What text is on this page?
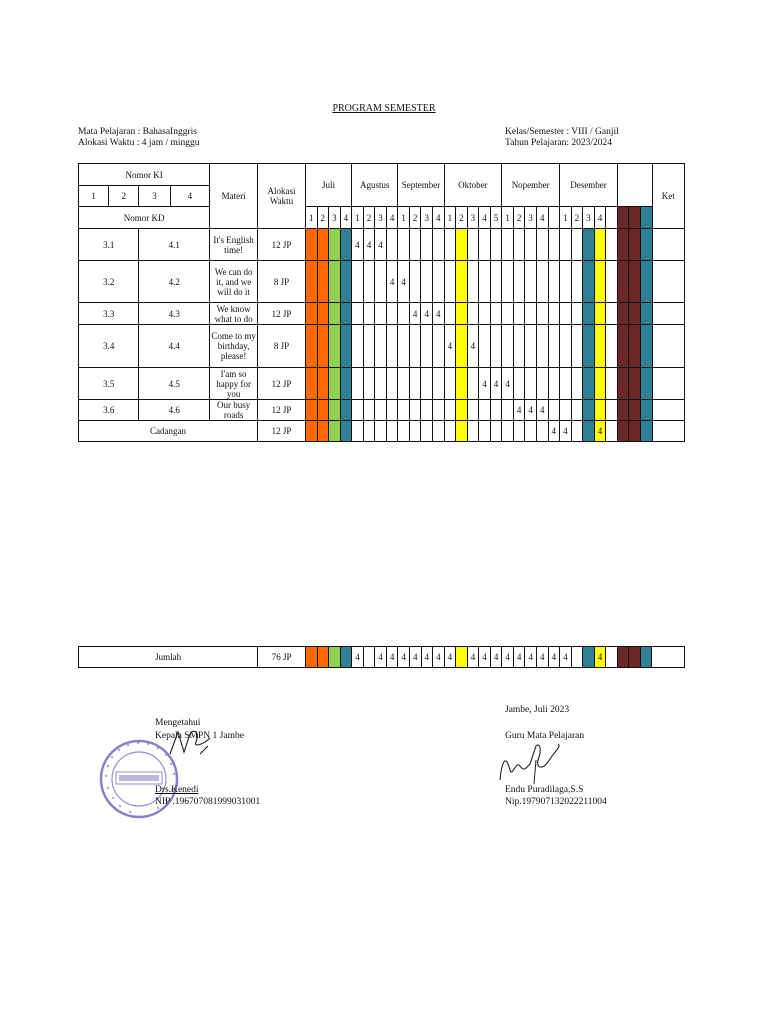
PROGRAM SEMESTER
Mata Pelajaran : BahasaInggris
Alokasi Waktu : 4 jam / minggu
Kelas/Semester : VIII / Ganjil
Tahun Pelajaran: 2023/2024
Nomor KI				Materi	Alokasi Waktu	Juli				Agustus				September				Oktober					Nopember					Desember								Ket
1	2	3	4																																	
Nomor KD						1	2	3	4	1	2	3	4	1	2	3	4	1	2	3	4	5	1	2	3	4		1	2	3	4					
3.1		4.1		It's English time!	12 JP					4	4	4																								
3.2		4.2		We can do it, and we will do it	8 JP								4	4																						
3.3		4.3		We know what to do	12 JP										4	4	4																			
3.4		4.4		Come to my birthday, please!	8 JP													4		4																
3.5		4.5		I'am so happy for you	12 JP																4	4	4													
3.6		4.6		Our busy roads	12 JP																			4	4	4										
Cadangan					12 JP																						4	4			4					
Jumlah	76 JP					4		4	4	4	4	4	4	4		4	4	4	4	4	4	4	4	4			4					
Jambe, Juli 2023
Mengetahui
Kepala SMPN 1 Jambe	Guru Mata Pelajaran
Drs.Kenedi
NIP .196707081999031001
Endu Puradilaga,S.S
Nip.197907132022211004
